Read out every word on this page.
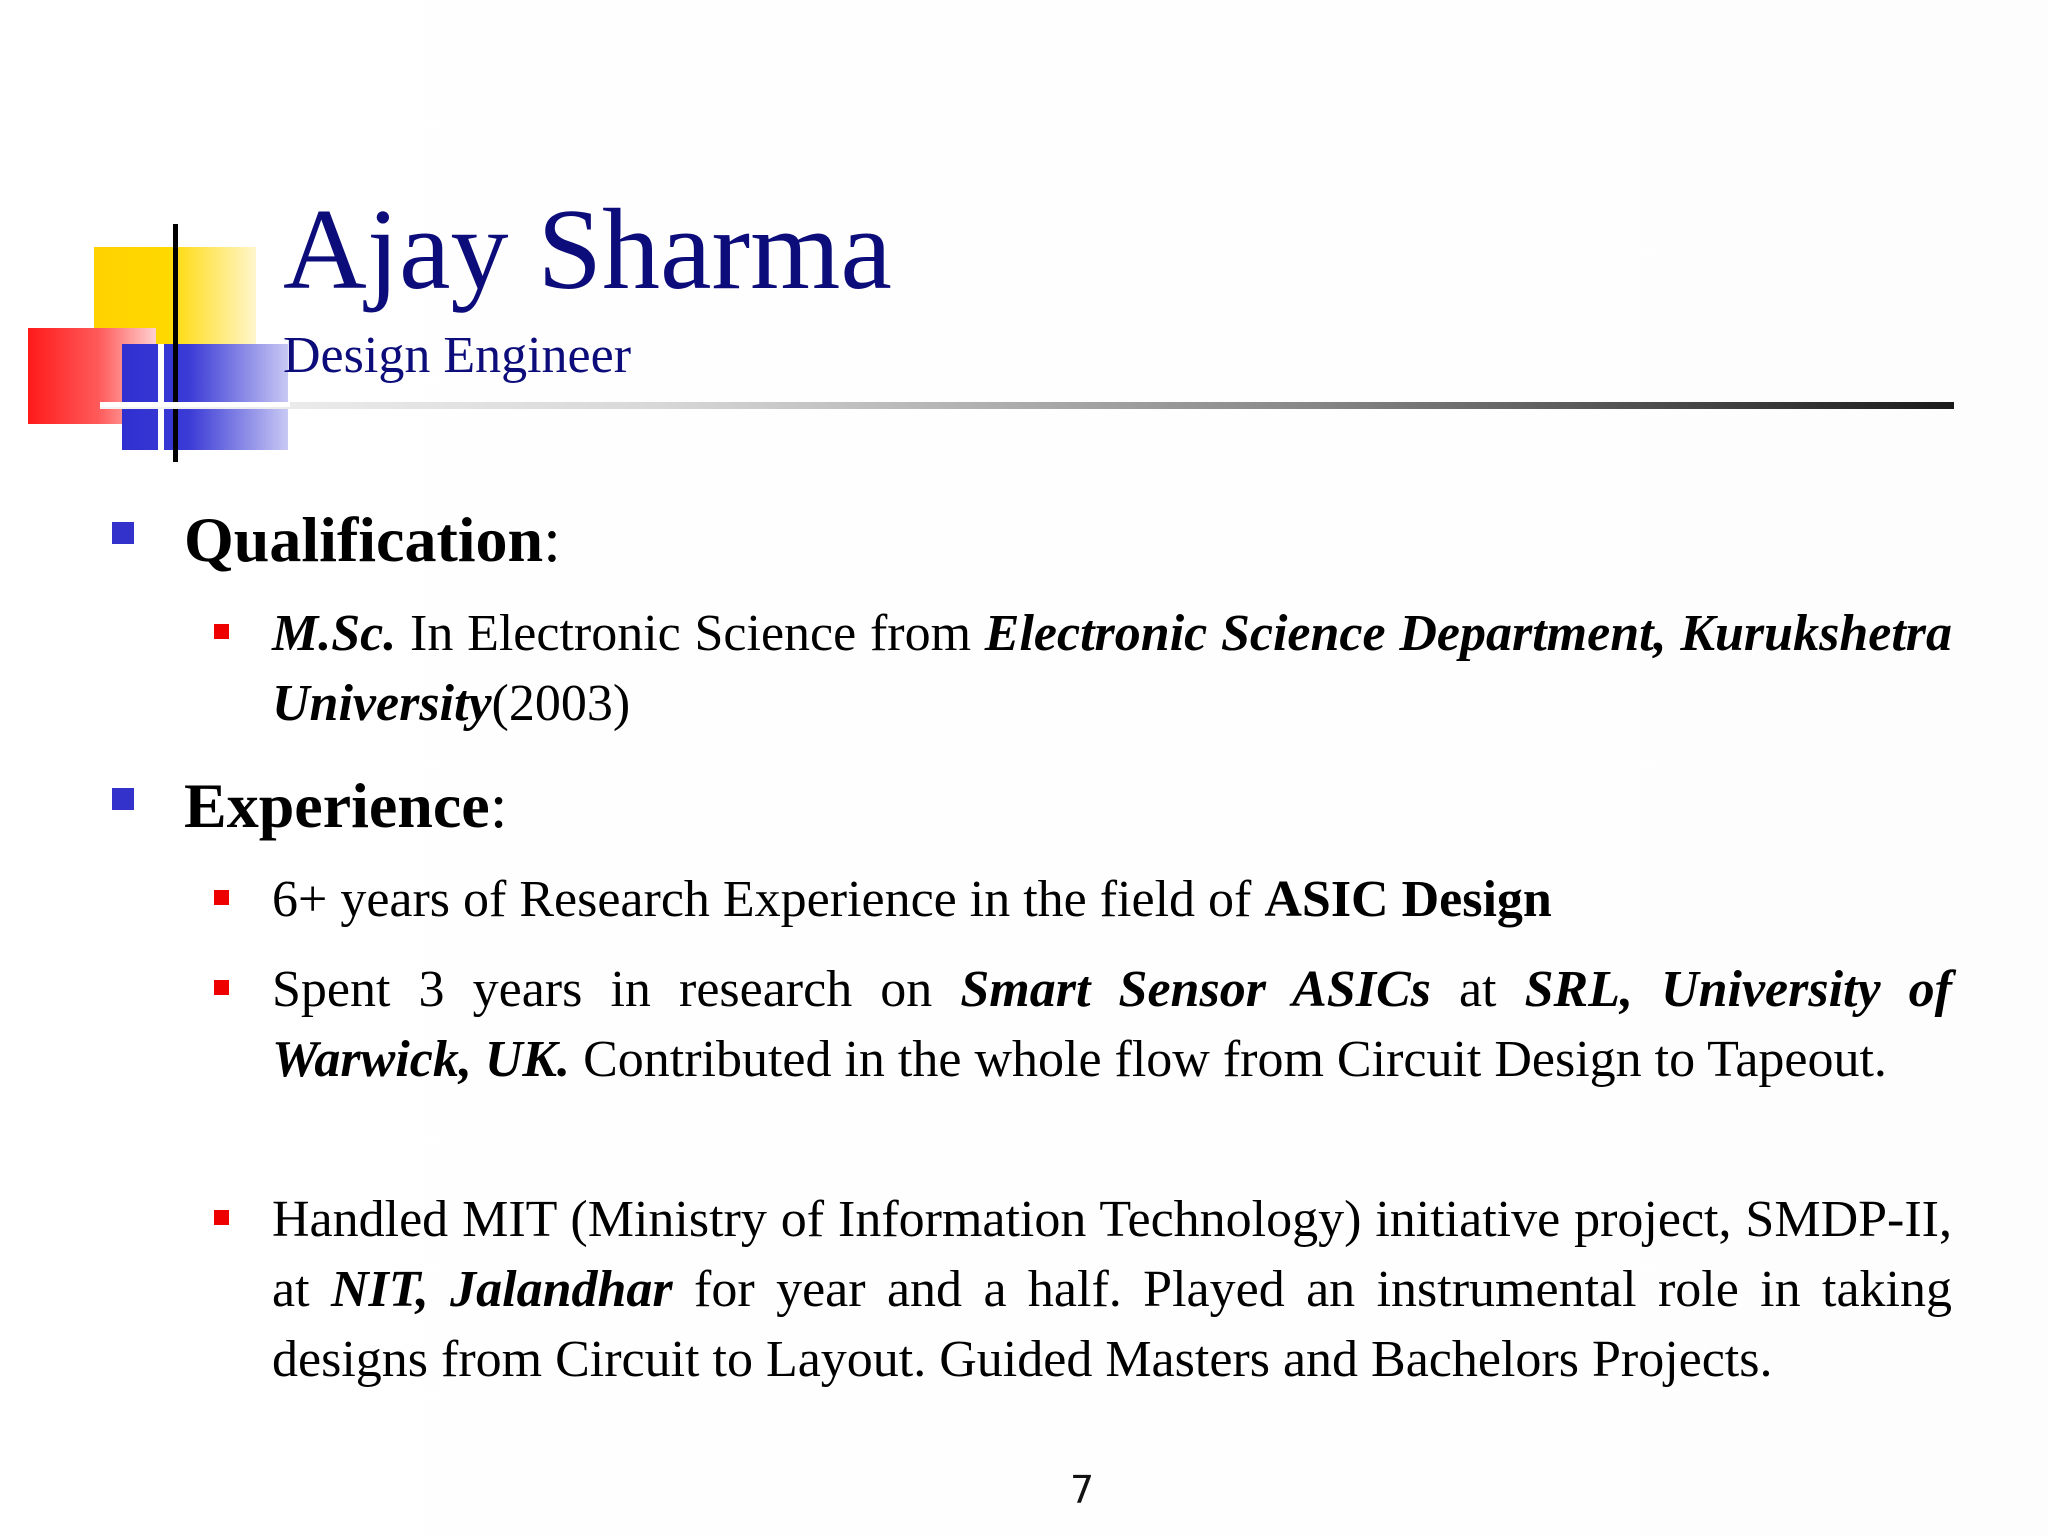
Ajay Sharma
Design Engineer
Qualification:
M.Sc. In Electronic Science from Electronic Science Department, Kurukshetra University(2003)
Experience:
6+ years of Research Experience in the field of ASIC Design
Spent 3 years in research on Smart Sensor ASICs at SRL, University of Warwick, UK. Contributed in the whole flow from Circuit Design to Tapeout.
Handled MIT (Ministry of Information Technology) initiative project, SMDP-II, at NIT, Jalandhar for year and a half. Played an instrumental role in taking designs from Circuit to Layout. Guided Masters and Bachelors Projects.
7
